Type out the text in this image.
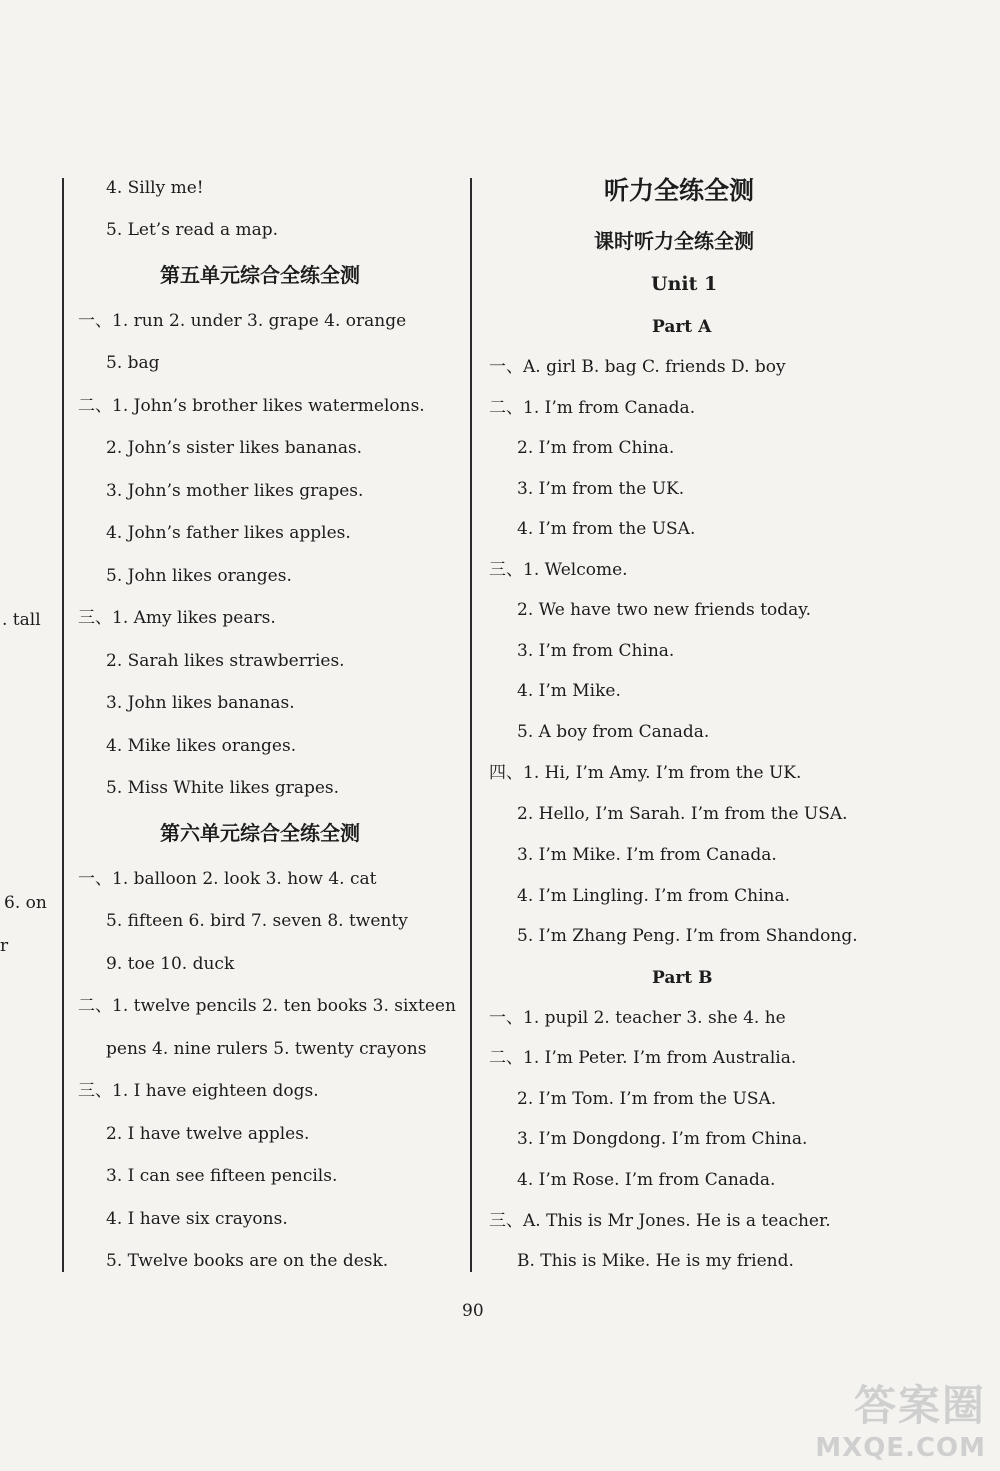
. tall
6. on
r
4. Silly me!
5. Let’s read a map.
第五单元综合全练全测
一、1. run 2. under 3. grape 4. orange
5. bag
二、1. John’s brother likes watermelons.
2. John’s sister likes bananas.
3. John’s mother likes grapes.
4. John’s father likes apples.
5. John likes oranges.
三、1. Amy likes pears.
2. Sarah likes strawberries.
3. John likes bananas.
4. Mike likes oranges.
5. Miss White likes grapes.
第六单元综合全练全测
一、1. balloon 2. look 3. how 4. cat
5. fifteen 6. bird 7. seven 8. twenty
9. toe 10. duck
二、1. twelve pencils 2. ten books 3. sixteen
pens 4. nine rulers 5. twenty crayons
三、1. I have eighteen dogs.
2. I have twelve apples.
3. I can see fifteen pencils.
4. I have six crayons.
5. Twelve books are on the desk.
听力全练全测
课时听力全练全测
Unit 1
Part A
一、A. girl B. bag C. friends D. boy
二、1. I’m from Canada.
2. I’m from China.
3. I’m from the UK.
4. I’m from the USA.
三、1. Welcome.
2. We have two new friends today.
3. I’m from China.
4. I’m Mike.
5. A boy from Canada.
四、1. Hi, I’m Amy. I’m from the UK.
2. Hello, I’m Sarah. I’m from the USA.
3. I’m Mike. I’m from Canada.
4. I’m Lingling. I’m from China.
5. I’m Zhang Peng. I’m from Shandong.
Part B
一、1. pupil 2. teacher 3. she 4. he
二、1. I’m Peter. I’m from Australia.
2. I’m Tom. I’m from the USA.
3. I’m Dongdong. I’m from China.
4. I’m Rose. I’m from Canada.
三、A. This is Mr Jones. He is a teacher.
B. This is Mike. He is my friend.
90
答案圈
MXQE.COM
